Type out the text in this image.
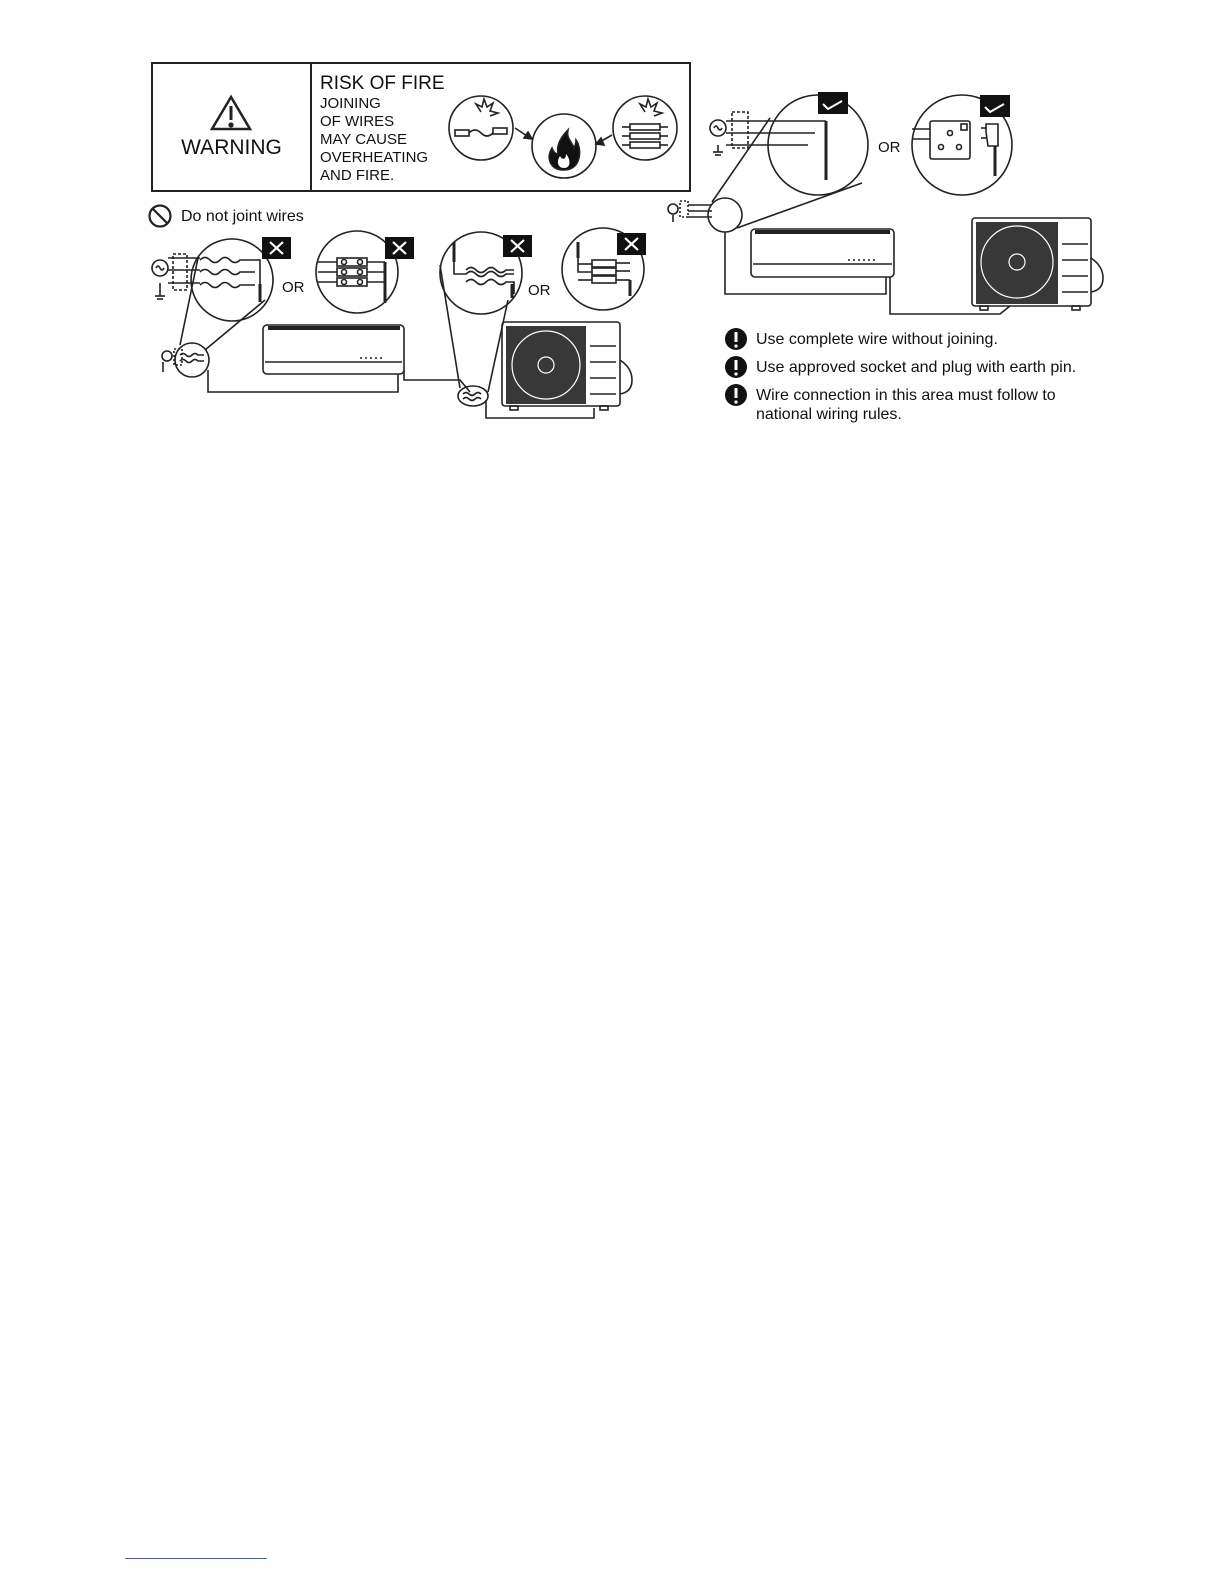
WARNING
RISK OF FIRE
JOINING
OF WIRES
MAY CAUSE
OVERHEATING
AND FIRE.
Do not joint wires
OR	OR
OR
Use complete wire without joining.
Use approved socket and plug with earth pin.
Wire connection in this area must follow to national wiring rules.
